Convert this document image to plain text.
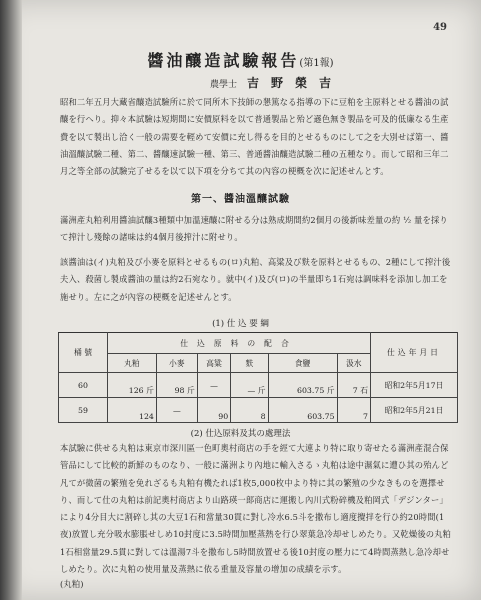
49
醬油釀造試驗報告(第1報)
農學士 吉野榮吉
昭和二年五月大藏省釀造試驗所に於て同所木下技師の懇篤なる指導の下に豆粕を主原料とせる醬油の試釀を行へり。抑々本試驗は短期間に安價原料を以て普通製品と殆ど遜色無き製品を可及的低廉なる生產費を以て製出し洽く一般の需要を輕めて安價に充し得るを目的とせるものにして之を大別せば第一、醬油溫釀試驗二種、第二、醬釀速試驗一種、第三、普通醬油釀造試驗二種の五種なり。而して昭和三年二月之等全部の試驗完了せるを以て以下項を分ちて其の內容の梗概を次に記述せんとす。
第一、醬油溫釀試驗
滿洲產丸粕利用醬油試釀3種類中加溫速釀に附せる分は熟成期間約2個月の後新味差量の約 ½ 量を採りて搾汁し殘餘の諸味は約4個月後搾汁に附せり。
該醬油は(イ)丸粕及び小麥を原料とせるもの(ロ)丸粕、高粱及び麩を原料とせるもの、2種にして搾汁後夫入、殺菌し製成醬油の量は約2石宛なり。就中(イ)及び(ロ)の半量即ち1石宛は調味料を添加し加工を施せり。左に之が內容の梗概を記述せんとす。
(1) 仕 込 要 綱
桶 號	仕込原料の配合						仕込年月日
	丸粕	小麥	高粱	麩	食鹽	汲水	
60	126 斤	98 斤	—	— 斤	603.75 斤	7 石	昭和2年5月17日
59	124	—	90	8	603.75	7	昭和2年5月21日
(2) 仕込原料及其の處理法
本試驗に供せる丸粕は東京市深川區一色町奧村商店の手を經て大連より特に取り寄せたる滿洲產混合保管品にして比較的新鮮のものなり、一般に滿洲より內地に輸入さるゝ丸粕は途中濕氣に遭ひ其の殆んど凡てが微菌の繁殖を免れざるも丸粕有機たれば1枚5,000枚中より特に其の繁殖の少なきものを選擇せり、而して仕の丸粕は前記奧村商店より山路瑛一郞商店に運搬し內川式粉碎機及粕岡式「デジンター」により4分目大に割碎し其の大豆1石和當量30貫に對し冷水6.5斗を撒布し適度攪拌を行ひ約20時間(1夜)放置し充分吸水膨脹せしめ10封度に3.5時間加壓蒸熱を行ひ翠葉急冷却せしめたり。又乾燥後の丸粕1石相當量29.5貫に對しては溫湯7斗を撒布し5時間放置せる後10封度の壓力にて4時間蒸熱し急冷却せしめたり。次に丸粕の使用量及蒸熱に依る重量及容量の增加の成績を示す。
(丸粕)
